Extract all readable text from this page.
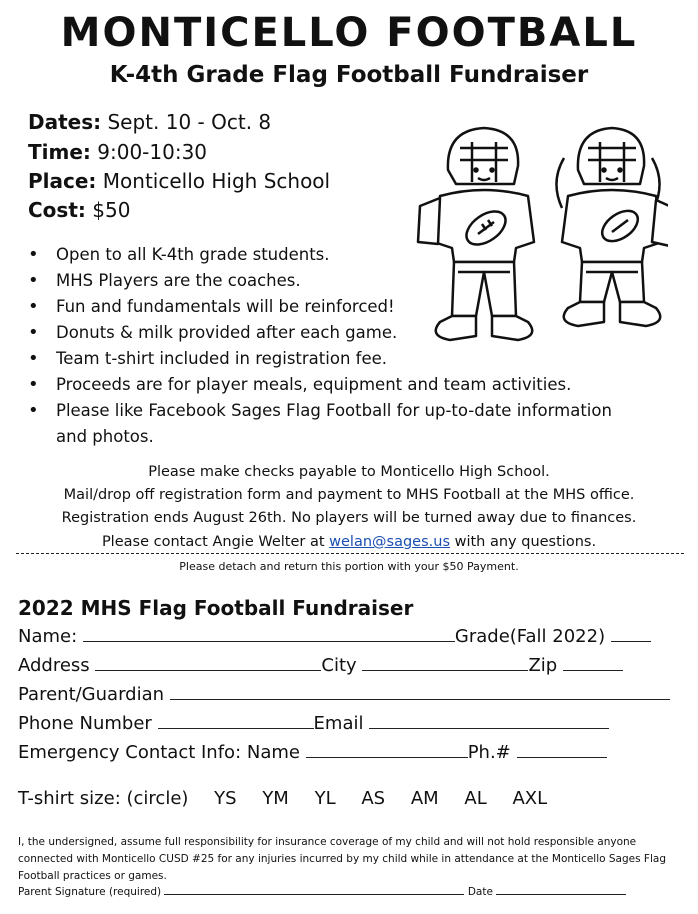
MONTICELLO FOOTBALL
K-4th Grade Flag Football Fundraiser
Dates: Sept. 10 - Oct. 8
Time: 9:00-10:30
Place: Monticello High School
Cost: $50
• Open to all K-4th grade students.
• MHS Players are the coaches.
• Fun and fundamentals will be reinforced!
• Donuts & milk provided after each game.
• Team t-shirt included in registration fee.
• Proceeds are for player meals, equipment and team activities.
• Please like Facebook Sages Flag Football for up-to-date information
and photos.
Please make checks payable to Monticello High School.
Mail/drop off registration form and payment to MHS Football at the MHS office.
Registration ends August 26th. No players will be turned away due to finances.
Please contact Angie Welter at welan@sages.us with any questions.
Please detach and return this portion with your $50 Payment.
2022 MHS Flag Football Fundraiser
Name:	Grade(Fall 2022)
Address	City	Zip
Parent/Guardian
Phone Number	Email
Emergency Contact Info: Name	Ph.#
T-shirt size: (circle) YS YM YL AS AM AL AXL
I, the undersigned, assume full responsibility for insurance coverage of my child and will not hold responsible anyone connected with Monticello CUSD #25 for any injuries incurred by my child while in attendance at the Monticello Sages Flag Football practices or games.
Parent Signature (required)	Date
